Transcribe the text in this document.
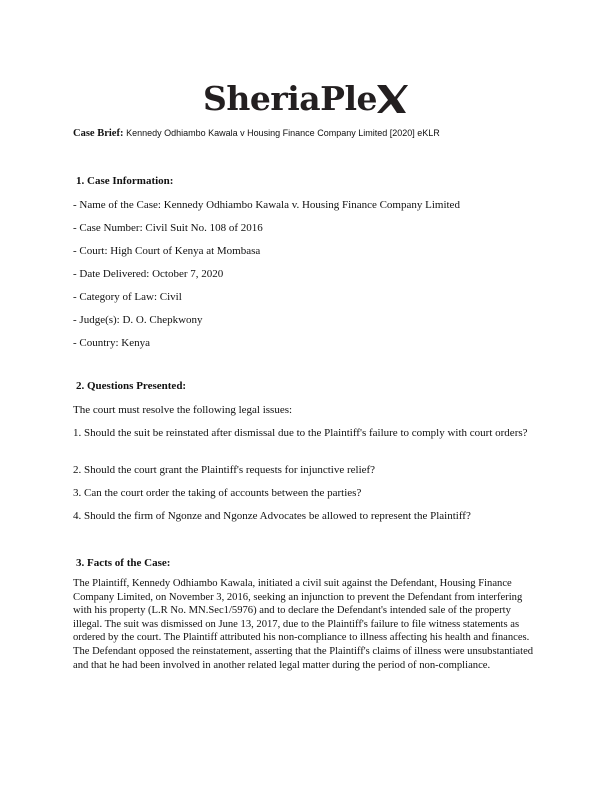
SheriaPle
Case Brief: Kennedy Odhiambo Kawala v Housing Finance Company Limited [2020] eKLR

1. Case Information:

- Name of the Case: Kennedy Odhiambo Kawala v. Housing Finance Company Limited

- Case Number: Civil Suit No. 108 of 2016

- Court: High Court of Kenya at Mombasa

- Date Delivered: October 7, 2020

- Category of Law: Civil

- Judge(s): D. O. Chepkwony

- Country: Kenya

2. Questions Presented:

The court must resolve the following legal issues:

1. Should the suit be reinstated after dismissal due to the Plaintiff's failure to comply with court orders?

2. Should the court grant the Plaintiff's requests for injunctive relief?

3. Can the court order the taking of accounts between the parties?

4. Should the firm of Ngonze and Ngonze Advocates be allowed to represent the Plaintiff?

3. Facts of the Case:

The Plaintiff, Kennedy Odhiambo Kawala, initiated a civil suit against the Defendant, Housing Finance Company Limited, on November 3, 2016, seeking an injunction to prevent the Defendant from interfering with his property (L.R No. MN.Sec1/5976) and to declare the Defendant's intended sale of the property illegal. The suit was dismissed on June 13, 2017, due to the Plaintiff's failure to file witness statements as ordered by the court. The Plaintiff attributed his non-compliance to illness affecting his health and finances. The Defendant opposed the reinstatement, asserting that the Plaintiff's claims of illness were unsubstantiated and that he had been involved in another related legal matter during the period of non-compliance.
